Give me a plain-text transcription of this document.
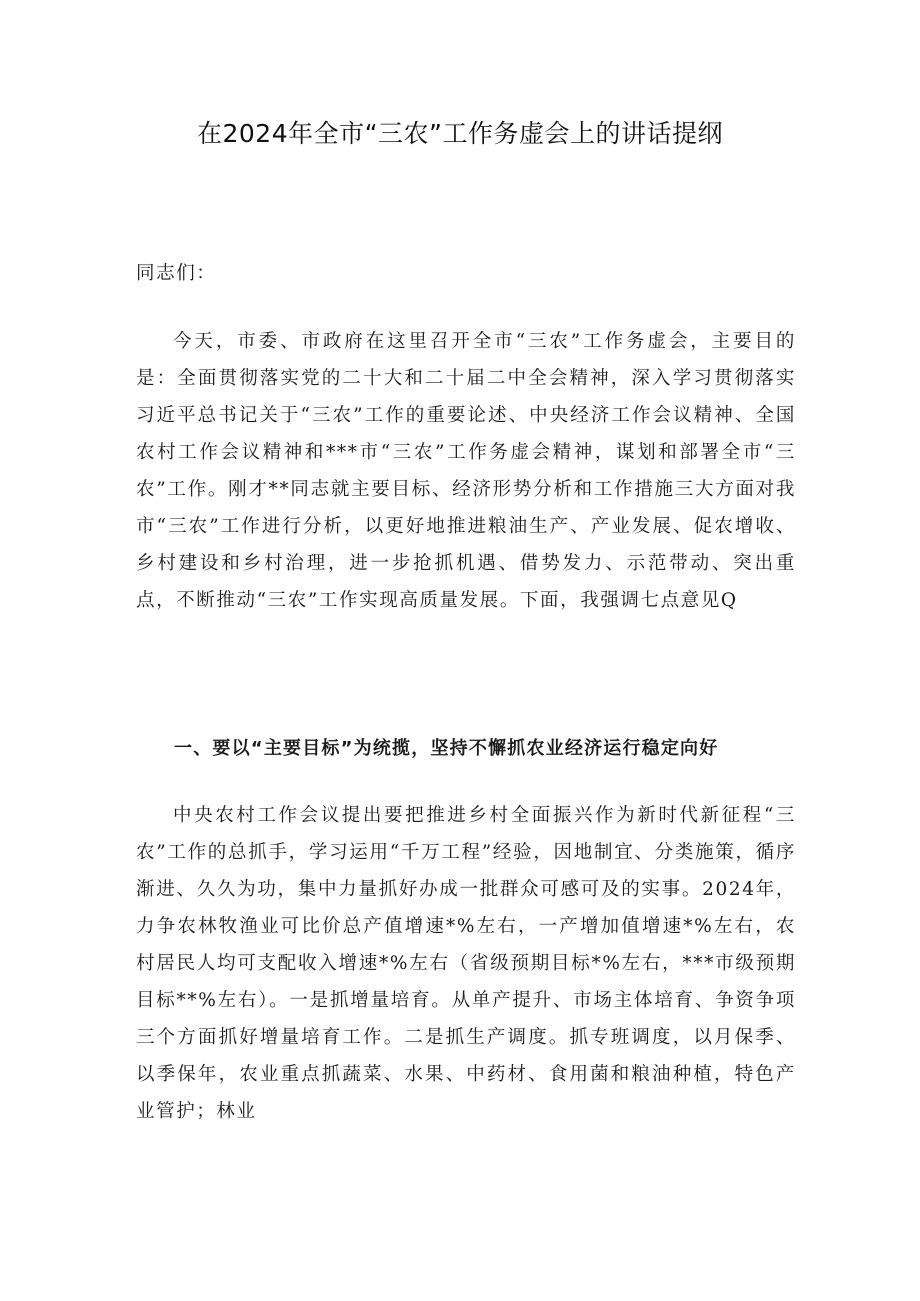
在2024年全市“三农”工作务虚会上的讲话提纲
同志们：
今天，市委、市政府在这里召开全市“三农”工作务虚会，主要目的是：全面贯彻落实党的二十大和二十届二中全会精神，深入学习贯彻落实习近平总书记关于“三农”工作的重要论述、中央经济工作会议精神、全国农村工作会议精神和***市“三农”工作务虚会精神，谋划和部署全市“三农”工作。刚才**同志就主要目标、经济形势分析和工作措施三大方面对我市“三农”工作进行分析，以更好地推进粮油生产、产业发展、促农增收、乡村建设和乡村治理，进一步抢抓机遇、借势发力、示范带动、突出重点，不断推动“三农”工作实现高质量发展。下面，我强调七点意见Q
一、要以“主要目标”为统揽，坚持不懈抓农业经济运行稳定向好
中央农村工作会议提出要把推进乡村全面振兴作为新时代新征程“三农”工作的总抓手，学习运用“千万工程”经验，因地制宜、分类施策，循序渐进、久久为功，集中力量抓好办成一批群众可感可及的实事。2024年，力争农林牧渔业可比价总产值增速*%左右，一产增加值增速*%左右，农村居民人均可支配收入增速*%左右（省级预期目标*%左右，***市级预期目标**%左右）。一是抓增量培育。从单产提升、市场主体培育、争资争项三个方面抓好增量培育工作。二是抓生产调度。抓专班调度，以月保季、以季保年，农业重点抓蔬菜、水果、中药材、食用菌和粮油种植，特色产业管护；林业
